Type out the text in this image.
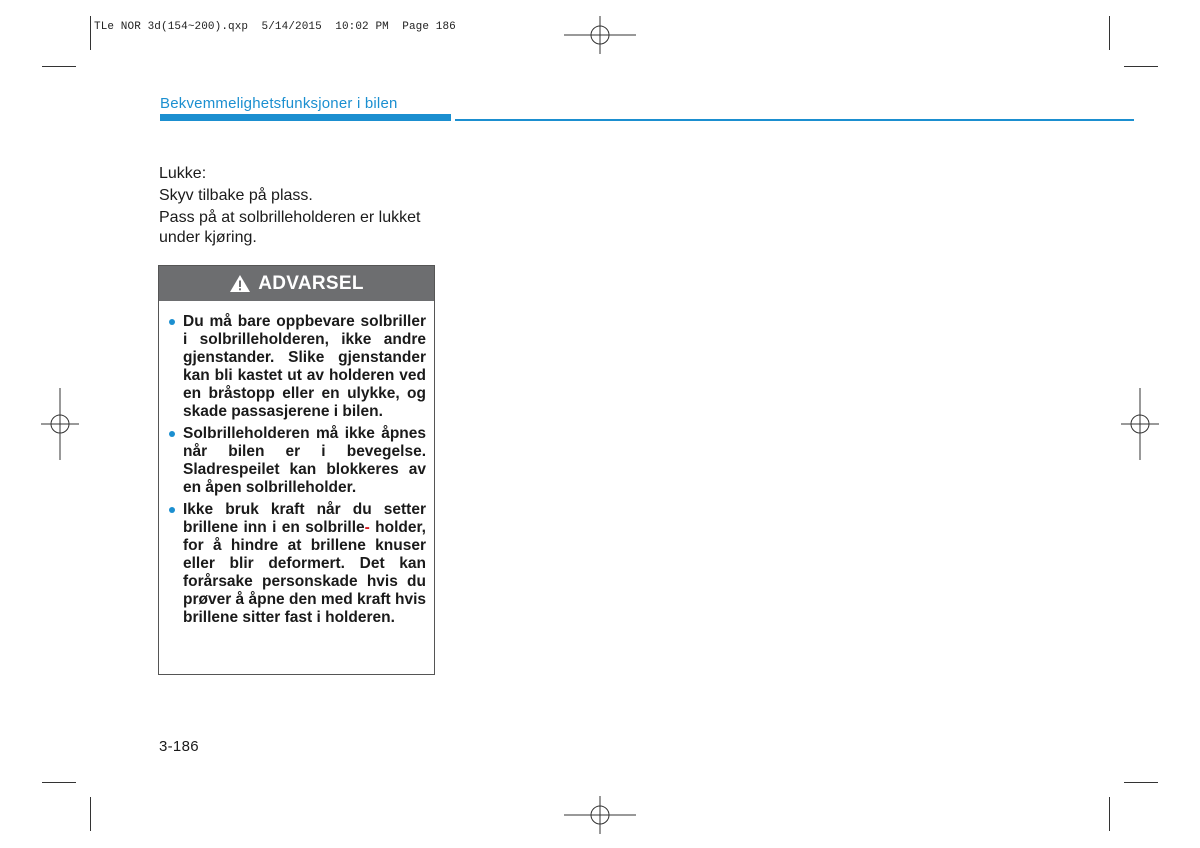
TLe NOR 3d(154~200).qxp  5/14/2015  10:02 PM  Page 186
Bekvemmelighetsfunksjoner i bilen

Lukke:

Skyv tilbake på plass.

Pass på at solbrilleholderen er lukket under kjøring.

ADVARSEL
Du må bare oppbevare solbriller i solbrilleholderen, ikke andre gjenstander. Slike gjenstander kan bli kastet ut av holderen ved en bråstopp eller en ulykke, og skade passasjerene i bilen.
Solbrilleholderen må ikke åpnes når bilen er i bevegelse. Sladrespeilet kan blokkeres av en åpen solbrilleholder.
Ikke bruk kraft når du setter brillene inn i en solbrille- holder, for å hindre at brillene knuser eller blir deformert. Det kan forårsake personskade hvis du prøver å åpne den med kraft hvis brillene sitter fast i holderen.
3-186
